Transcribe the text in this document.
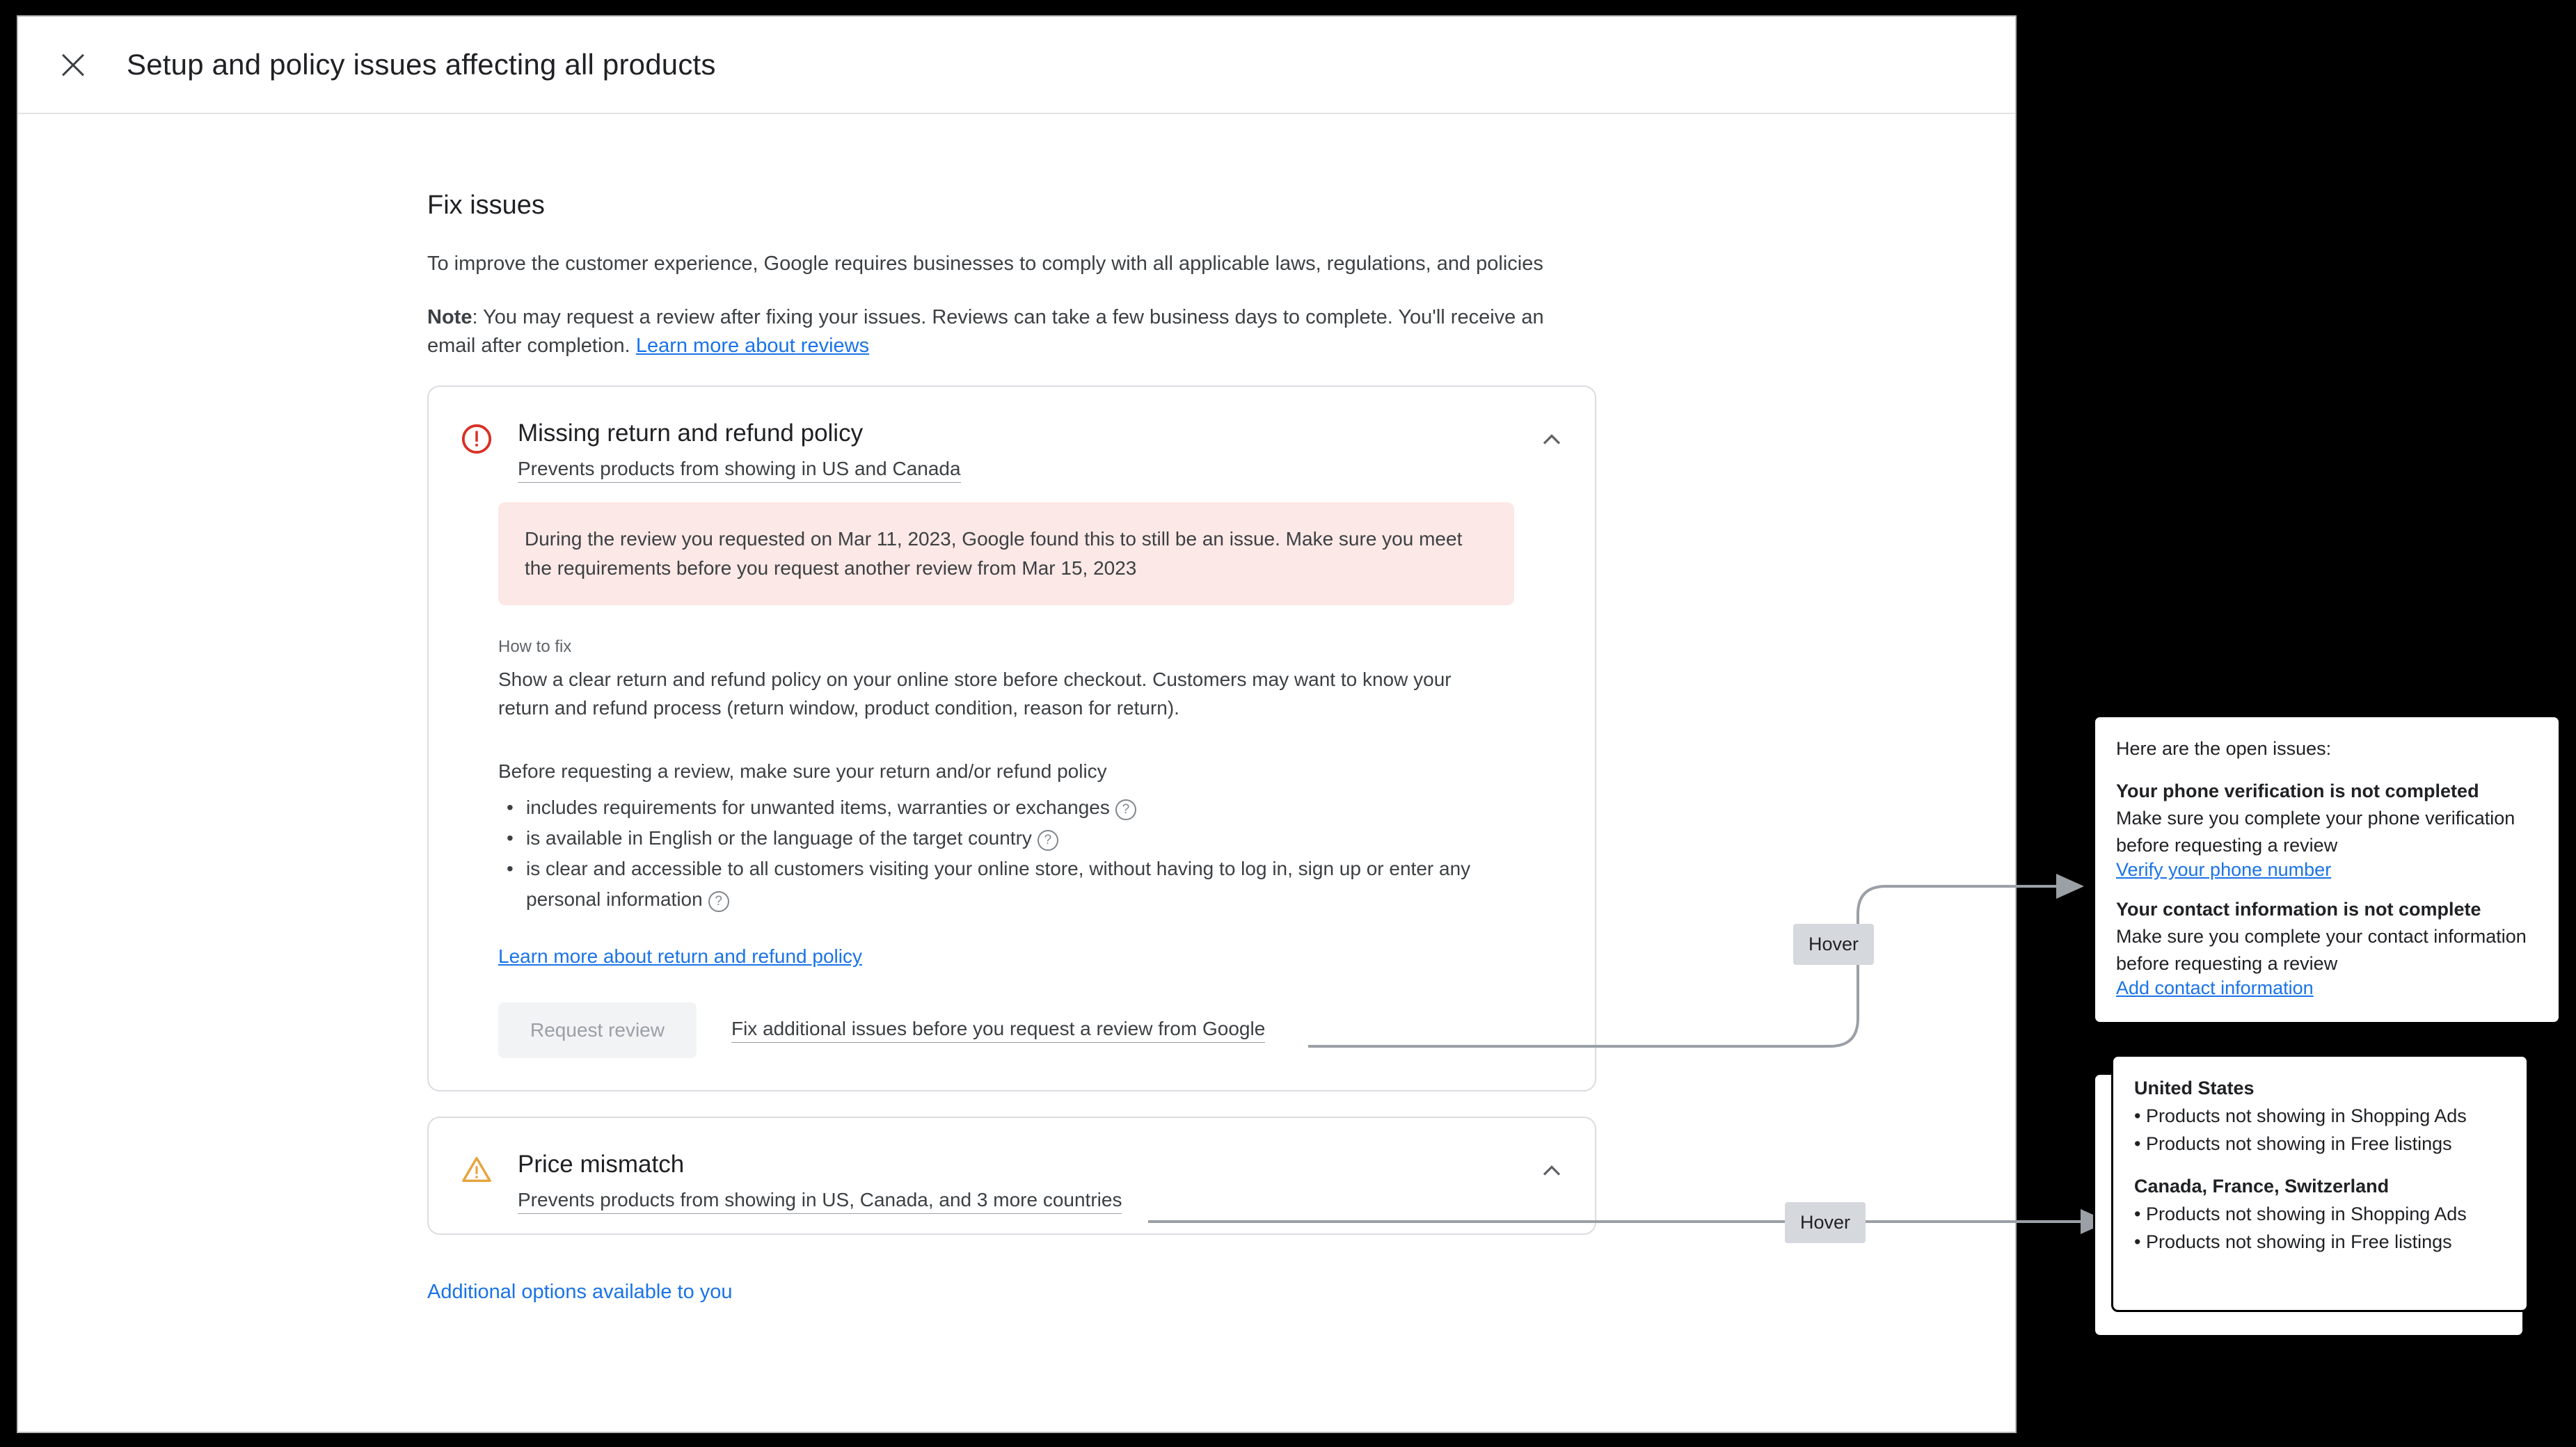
Setup and policy issues affecting all products
Fix issues
To improve the customer experience, Google requires businesses to comply with all applicable laws, regulations, and policies
Note: You may request a review after fixing your issues. Reviews can take a few business days to complete. You'll receive an email after completion. Learn more about reviews
Missing return and refund policy
Prevents products from showing in US and Canada
During the review you requested on Mar 11, 2023, Google found this to still be an issue. Make sure you meet the requirements before you request another review from Mar 15, 2023
How to fix
Show a clear return and refund policy on your online store before checkout. Customers may want to know your return and refund process (return window, product condition, reason for return).
Before requesting a review, make sure your return and/or refund policy
• includes requirements for unwanted items, warranties or exchanges ?
• is available in English or the language of the target country ?
• is clear and accessible to all customers visiting your online store, without having to log in, sign up or enter any personal information ?
Learn more about return and refund policy
Request review	Fix additional issues before you request a review from Google
Price mismatch
Prevents products from showing in US, Canada, and 3 more countries
Additional options available to you
Hover
Hover
Here are the open issues:
Your phone verification is not completed
Make sure you complete your phone verification before requesting a review
Verify your phone number
Your contact information is not complete
Make sure you complete your contact information before requesting a review
Add contact information
United States
• Products not showing in Shopping Ads
• Products not showing in Free listings
Canada, France, Switzerland
• Products not showing in Shopping Ads
• Products not showing in Free listings
